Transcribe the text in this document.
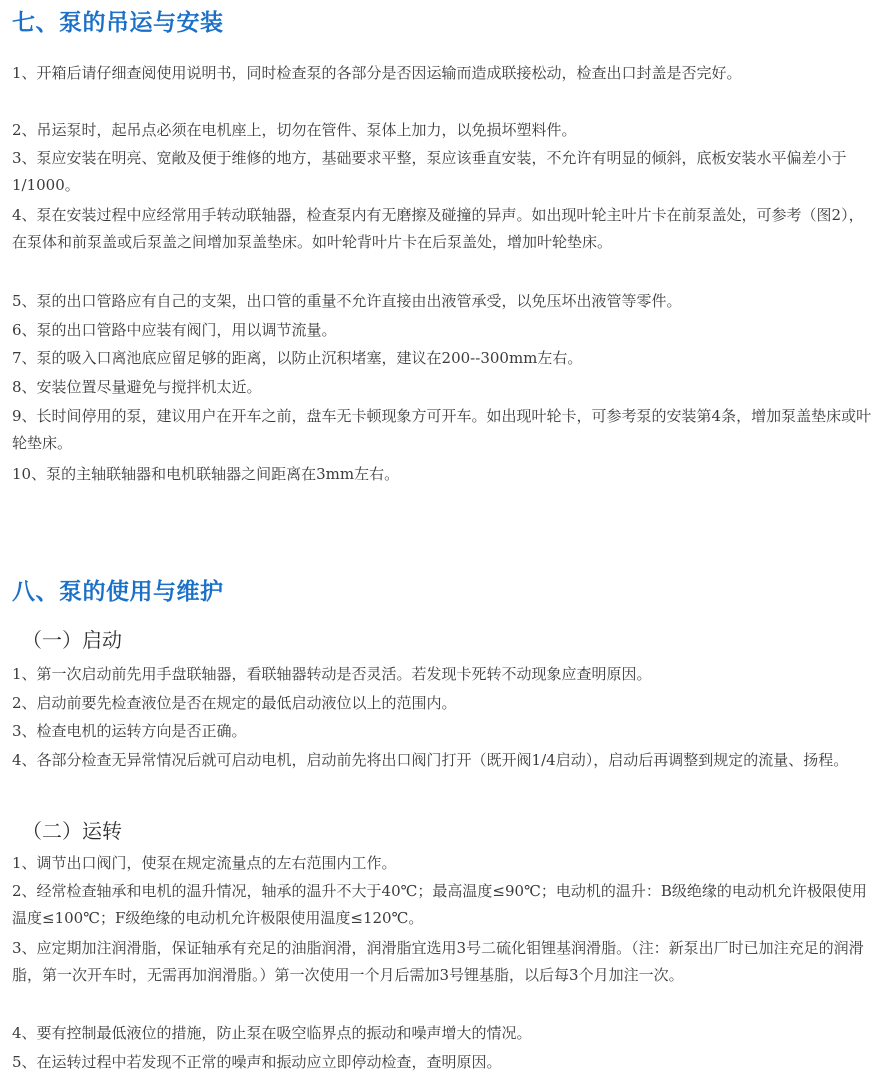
七、泵的吊运与安装
1、开箱后请仔细查阅使用说明书，同时检查泵的各部分是否因运输而造成联接松动，检查出口封盖是否完好。
2、吊运泵时，起吊点必须在电机座上，切勿在管件、泵体上加力，以免损坏塑料件。
3、泵应安装在明亮、宽敞及便于维修的地方，基础要求平整，泵应该垂直安装，不允许有明显的倾斜，底板安装水平偏差小于1/1000。
4、泵在安装过程中应经常用手转动联轴器，检查泵内有无磨擦及碰撞的异声。如出现叶轮主叶片卡在前泵盖处，可参考（图2），在泵体和前泵盖或后泵盖之间增加泵盖垫床。如叶轮背叶片卡在后泵盖处，增加叶轮垫床。
5、泵的出口管路应有自己的支架，出口管的重量不允许直接由出液管承受，以免压坏出液管等零件。
6、泵的出口管路中应装有阀门，用以调节流量。
7、泵的吸入口离池底应留足够的距离，以防止沉积堵塞，建议在200--300mm左右。
8、安装位置尽量避免与搅拌机太近。
9、长时间停用的泵，建议用户在开车之前，盘车无卡顿现象方可开车。如出现叶轮卡，可参考泵的安装第4条，增加泵盖垫床或叶轮垫床。
10、泵的主轴联轴器和电机联轴器之间距离在3mm左右。
八、泵的使用与维护
（一）启动
1、第一次启动前先用手盘联轴器，看联轴器转动是否灵活。若发现卡死转不动现象应查明原因。
2、启动前要先检查液位是否在规定的最低启动液位以上的范围内。
3、检查电机的运转方向是否正确。
4、各部分检查无异常情况后就可启动电机，启动前先将出口阀门打开（既开阀1/4启动），启动后再调整到规定的流量、扬程。
（二）运转
1、调节出口阀门，使泵在规定流量点的左右范围内工作。
2、经常检查轴承和电机的温升情况，轴承的温升不大于40℃；最高温度≤90℃；电动机的温升：B级绝缘的电动机允许极限使用温度≤100℃；F级绝缘的电动机允许极限使用温度≤120℃。
3、应定期加注润滑脂，保证轴承有充足的油脂润滑，润滑脂宜选用3号二硫化钼锂基润滑脂。（注：新泵出厂时已加注充足的润滑脂，第一次开车时，无需再加润滑脂。）第一次使用一个月后需加3号锂基脂，以后每3个月加注一次。
4、要有控制最低液位的措施，防止泵在吸空临界点的振动和噪声增大的情况。
5、在运转过程中若发现不正常的噪声和振动应立即停动检查，查明原因。
